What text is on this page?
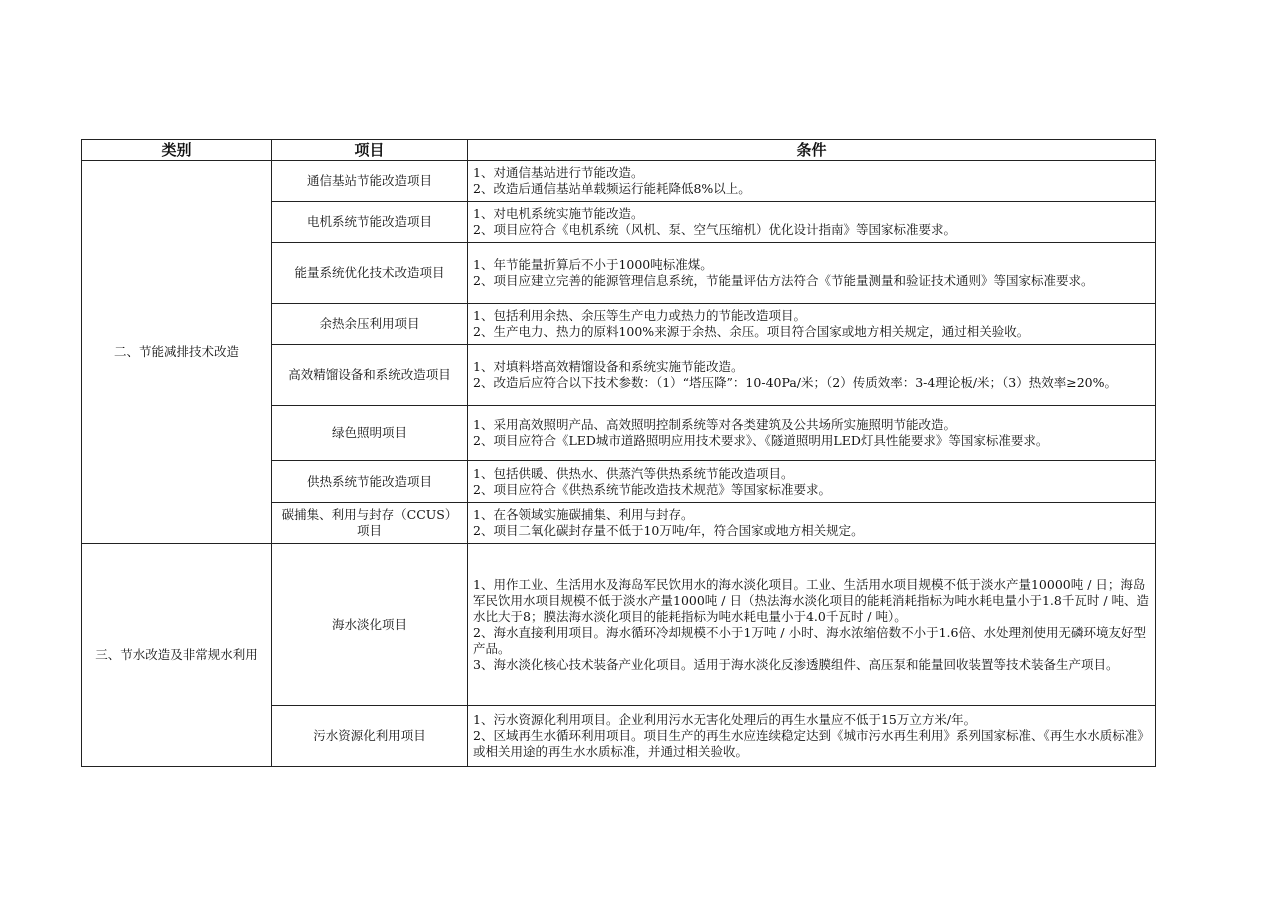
类别	项目	条件
二、节能减排技术改造	通信基站节能改造项目	1、对通信基站进行节能改造。
2、改造后通信基站单载频运行能耗降低8%以上。

	电机系统节能改造项目	1、对电机系统实施节能改造。
2、项目应符合《电机系统（风机、泵、空气压缩机）优化设计指南》等国家标准要求。

	能量系统优化技术改造项目	1、年节能量折算后不小于1000吨标准煤。
2、项目应建立完善的能源管理信息系统，节能量评估方法符合《节能量测量和验证技术通则》等国家标准要求。

	余热余压利用项目	1、包括利用余热、余压等生产电力或热力的节能改造项目。
2、生产电力、热力的原料100%来源于余热、余压。项目符合国家或地方相关规定，通过相关验收。

	高效精馏设备和系统改造项目	1、对填料塔高效精馏设备和系统实施节能改造。
2、改造后应符合以下技术参数：（1）“塔压降”：10-40Pa/米；（2）传质效率：3-4理论板/米；（3）热效率≥20%。

	绿色照明项目	1、采用高效照明产品、高效照明控制系统等对各类建筑及公共场所实施照明节能改造。
2、项目应符合《LED城市道路照明应用技术要求》、《隧道照明用LED灯具性能要求》等国家标准要求。

	供热系统节能改造项目	1、包括供暖、供热水、供蒸汽等供热系统节能改造项目。
2、项目应符合《供热系统节能改造技术规范》等国家标准要求。

	碳捕集、利用与封存（CCUS）项目	1、在各领域实施碳捕集、利用与封存。
2、项目二氧化碳封存量不低于10万吨/年，符合国家或地方相关规定。

三、节水改造及非常规水利用	海水淡化项目	1、用作工业、生活用水及海岛军民饮用水的海水淡化项目。工业、生活用水项目规模不低于淡水产量10000吨 / 日；海岛军民饮用水项目规模不低于淡水产量1000吨 / 日（热法海水淡化项目的能耗消耗指标为吨水耗电量小于1.8千瓦时 / 吨、造水比大于8；膜法海水淡化项目的能耗指标为吨水耗电量小于4.0千瓦时 / 吨）。
2、海水直接利用项目。海水循环冷却规模不小于1万吨 / 小时、海水浓缩倍数不小于1.6倍、水处理剂使用无磷环境友好型产品。
3、海水淡化核心技术装备产业化项目。适用于海水淡化反渗透膜组件、高压泵和能量回收装置等技术装备生产项目。

	污水资源化利用项目	1、污水资源化利用项目。企业利用污水无害化处理后的再生水量应不低于15万立方米/年。
2、区域再生水循环利用项目。项目生产的再生水应连续稳定达到《城市污水再生利用》系列国家标准、《再生水水质标准》或相关用途的再生水水质标准，并通过相关验收。
